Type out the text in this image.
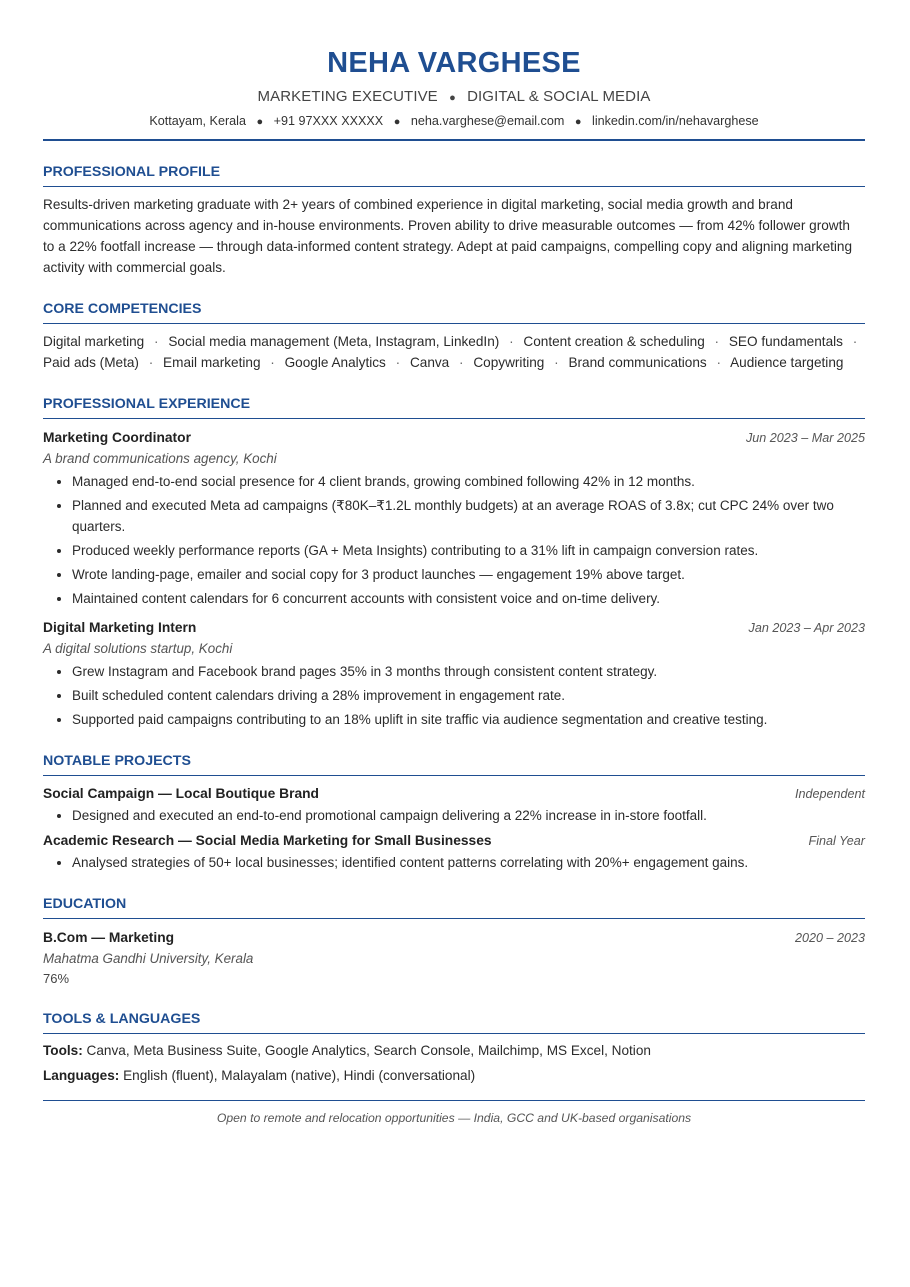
NEHA VARGHESE
MARKETING EXECUTIVE ● DIGITAL & SOCIAL MEDIA
Kottayam, Kerala ● +91 97XXX XXXXX ● neha.varghese@email.com ● linkedin.com/in/nehavarghese
PROFESSIONAL PROFILE
Results-driven marketing graduate with 2+ years of combined experience in digital marketing, social media growth and brand communications across agency and in-house environments. Proven ability to drive measurable outcomes — from 42% follower growth to a 22% footfall increase — through data-informed content strategy. Adept at paid campaigns, compelling copy and aligning marketing activity with commercial goals.
CORE COMPETENCIES
Digital marketing · Social media management (Meta, Instagram, LinkedIn) · Content creation & scheduling · SEO fundamentals · Paid ads (Meta) · Email marketing · Google Analytics · Canva · Copywriting · Brand communications · Audience targeting
PROFESSIONAL EXPERIENCE
Marketing Coordinator	Jun 2023 – Mar 2025
A brand communications agency, Kochi
• Managed end-to-end social presence for 4 client brands, growing combined following 42% in 12 months.
• Planned and executed Meta ad campaigns (₹80K–₹1.2L monthly budgets) at an average ROAS of 3.8x; cut CPC 24% over two quarters.
• Produced weekly performance reports (GA + Meta Insights) contributing to a 31% lift in campaign conversion rates.
• Wrote landing-page, emailer and social copy for 3 product launches — engagement 19% above target.
• Maintained content calendars for 6 concurrent accounts with consistent voice and on-time delivery.
Digital Marketing Intern	Jan 2023 – Apr 2023
A digital solutions startup, Kochi
• Grew Instagram and Facebook brand pages 35% in 3 months through consistent content strategy.
• Built scheduled content calendars driving a 28% improvement in engagement rate.
• Supported paid campaigns contributing to an 18% uplift in site traffic via audience segmentation and creative testing.
NOTABLE PROJECTS
Social Campaign — Local Boutique Brand	Independent
• Designed and executed an end-to-end promotional campaign delivering a 22% increase in in-store footfall.
Academic Research — Social Media Marketing for Small Businesses	Final Year
• Analysed strategies of 50+ local businesses; identified content patterns correlating with 20%+ engagement gains.
EDUCATION
B.Com — Marketing	2020 – 2023
Mahatma Gandhi University, Kerala
76%
TOOLS & LANGUAGES
Tools: Canva, Meta Business Suite, Google Analytics, Search Console, Mailchimp, MS Excel, Notion
Languages: English (fluent), Malayalam (native), Hindi (conversational)
Open to remote and relocation opportunities — India, GCC and UK-based organisations
